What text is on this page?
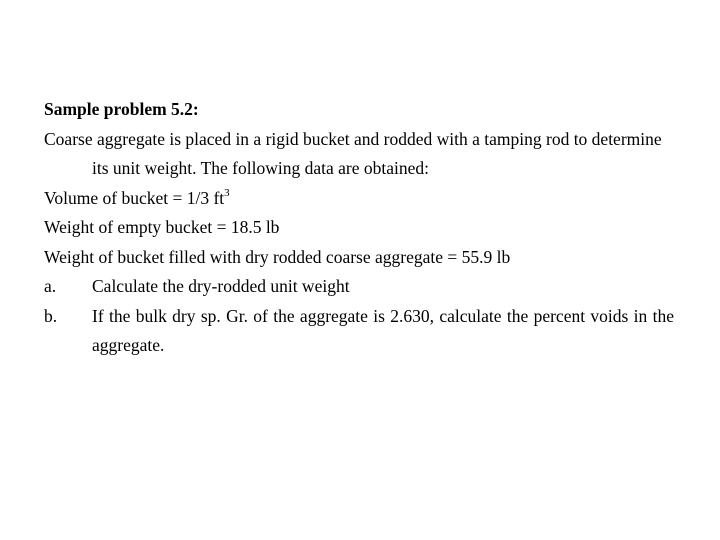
Sample problem 5.2:
Coarse aggregate is placed in a rigid bucket and rodded with a tamping rod to determine its unit weight. The following data are obtained:
Volume of bucket = 1/3 $ft^3$
Weight of empty bucket = 18.5 lb
Weight of bucket filled with dry rodded coarse aggregate = 55.9 lb
a.	Calculate the dry-rodded unit weight
b.	If the bulk dry sp. Gr. of the aggregate is 2.630, calculate the percent voids in the aggregate.
